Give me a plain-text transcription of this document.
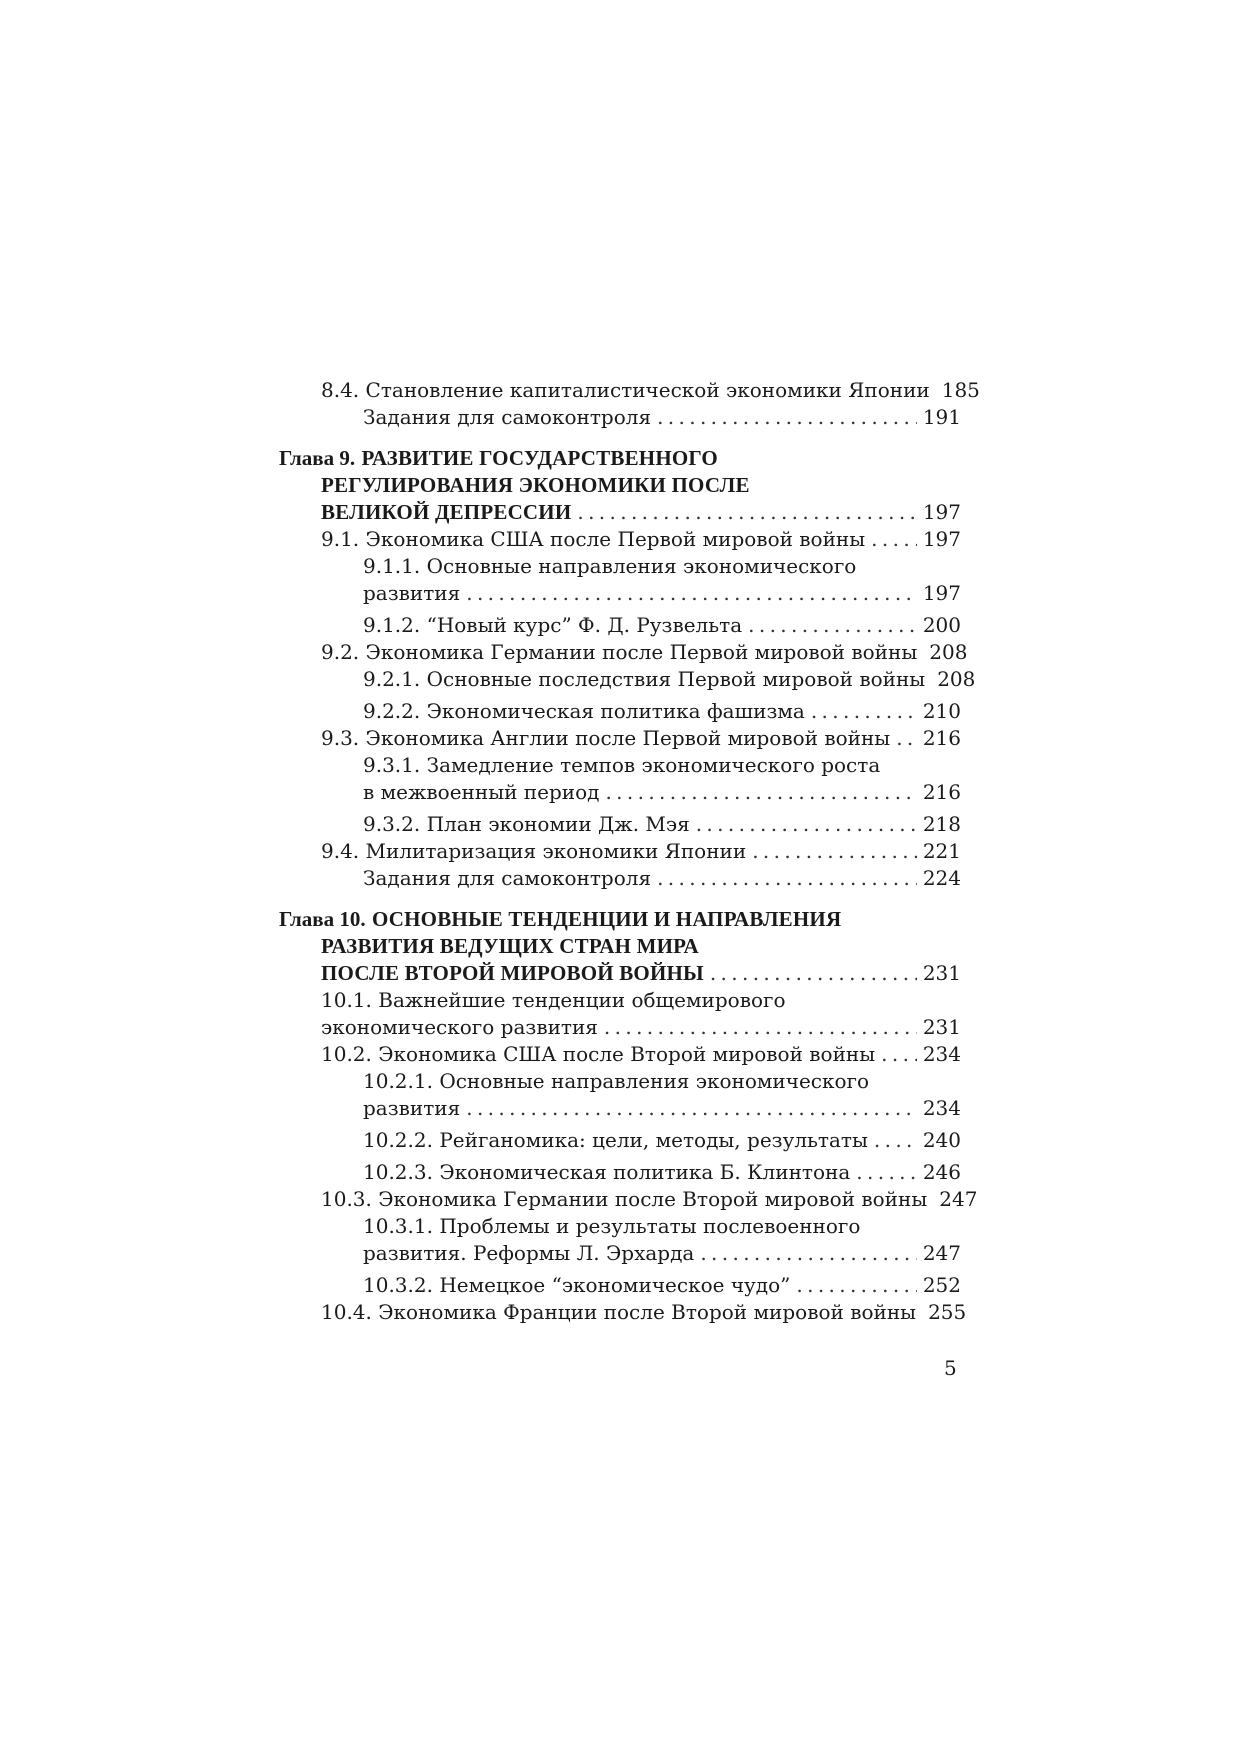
8.4. Становление капиталистической экономики Японии 185
Задания для самоконтроля . . .	191
Глава 9. РАЗВИТИЕ ГОСУДАРСТВЕННОГО
РЕГУЛИРОВАНИЯ ЭКОНОМИКИ ПОСЛЕ
ВЕЛИКОЙ ДЕПРЕССИИ . . .	197
9.1. Экономика США после Первой мировой войны . . .	197
9.1.1. Основные направления экономического
развития . . .	197
9.1.2. “Новый курс” Ф. Д. Рузвельта . . .	200
9.2. Экономика Германии после Первой мировой войны 208
9.2.1. Основные последствия Первой мировой войны 208
9.2.2. Экономическая политика фашизма . . .	210
9.3. Экономика Англии после Первой мировой войны . . .	216
9.3.1. Замедление темпов экономического роста
в межвоенный период . . .	216
9.3.2. План экономии Дж. Мэя . . .	218
9.4. Милитаризация экономики Японии . . .	221
Задания для самоконтроля . . .	224
Глава 10. ОСНОВНЫЕ ТЕНДЕНЦИИ И НАПРАВЛЕНИЯ
РАЗВИТИЯ ВЕДУЩИХ СТРАН МИРА
ПОСЛЕ ВТОРОЙ МИРОВОЙ ВОЙНЫ . . .	231
10.1. Важнейшие тенденции общемирового
экономического развития . . .	231
10.2. Экономика США после Второй мировой войны . . .	234
10.2.1. Основные направления экономического
развития . . .	234
10.2.2. Рейганомика: цели, методы, результаты . . .	240
10.2.3. Экономическая политика Б. Клинтона . . .	246
10.3. Экономика Германии после Второй мировой войны 247
10.3.1. Проблемы и результаты послевоенного
развития. Реформы Л. Эрхарда . . .	247
10.3.2. Немецкое “экономическое чудо” . . .	252
10.4. Экономика Франции после Второй мировой войны 255
5
